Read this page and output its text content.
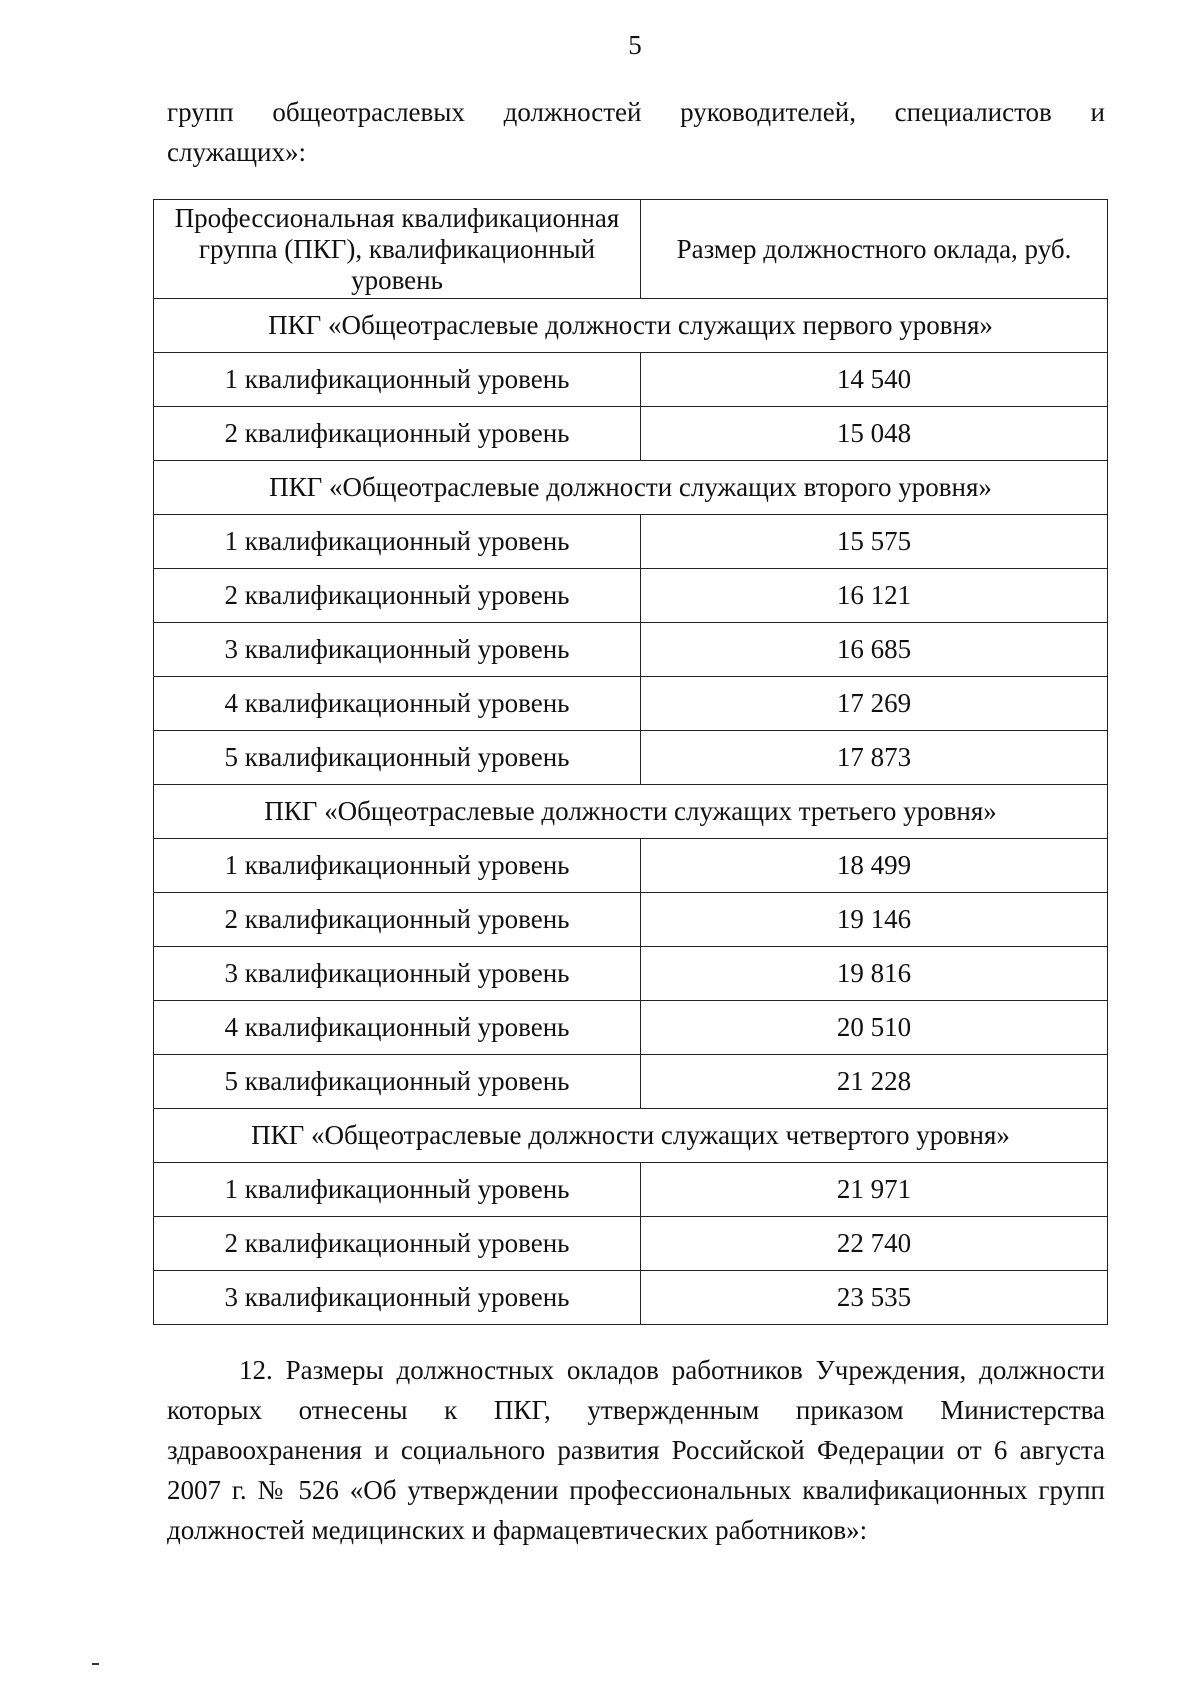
5
групп общеотраслевых должностей руководителей, специалистов и
служащих»:
Профессиональная квалификационная группа (ПКГ), квалификационный уровень	Размер должностного оклада, руб.

ПКГ «Общеотраслевые должности служащих первого уровня»	
1 квалификационный уровень	14 540
2 квалификационный уровень	15 048
ПКГ «Общеотраслевые должности служащих второго уровня»	
1 квалификационный уровень	15 575
2 квалификационный уровень	16 121
3 квалификационный уровень	16 685
4 квалификационный уровень	17 269
5 квалификационный уровень	17 873
ПКГ «Общеотраслевые должности служащих третьего уровня»	
1 квалификационный уровень	18 499
2 квалификационный уровень	19 146
3 квалификационный уровень	19 816
4 квалификационный уровень	20 510
5 квалификационный уровень	21 228
ПКГ «Общеотраслевые должности служащих четвертого уровня»	
1 квалификационный уровень	21 971
2 квалификационный уровень	22 740
3 квалификационный уровень	23 535
12. Размеры должностных окладов работников Учреждения, должности которых отнесены к ПКГ, утвержденным приказом Министерства здравоохранения и социального развития Российской Федерации от 6 августа 2007 г. № 526 «Об утверждении профессиональных квалификационных групп должностей медицинских и фармацевтических работников»:
